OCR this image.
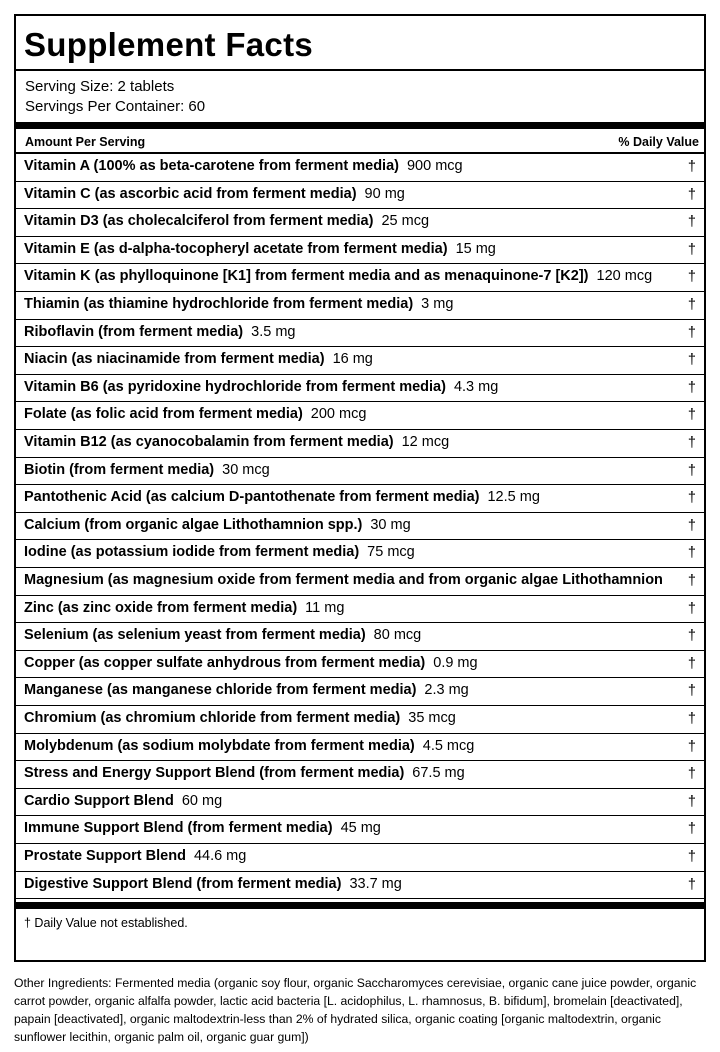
Supplement Facts
Serving Size: 2 tablets
Servings Per Container: 60
Amount Per Serving	% Daily Value
Vitamin A (100% as beta-carotene from ferment media) 900 mcg	†
Vitamin C (as ascorbic acid from ferment media) 90 mg	†
Vitamin D3 (as cholecalciferol from ferment media) 25 mcg	†
Vitamin E (as d-alpha-tocopheryl acetate from ferment media) 15 mg	†
Vitamin K (as phylloquinone [K1] from ferment media and as menaquinone-7 [K2]) 120 mcg †
Thiamin (as thiamine hydrochloride from ferment media) 3 mg	†
Riboflavin (from ferment media) 3.5 mg	†
Niacin (as niacinamide from ferment media) 16 mg	†
Vitamin B6 (as pyridoxine hydrochloride from ferment media) 4.3 mg	†
Folate (as folic acid from ferment media) 200 mcg	†
Vitamin B12 (as cyanocobalamin from ferment media) 12 mcg	†
Biotin (from ferment media) 30 mcg	†
Pantothenic Acid (as calcium D-pantothenate from ferment media) 12.5 mg	†
Calcium (from organic algae Lithothamnion spp.) 30 mg	†
Iodine (as potassium iodide from ferment media) 75 mcg	†
Magnesium (as magnesium oxide from ferment media and from organic algae Lithothamnion	†
Zinc (as zinc oxide from ferment media) 11 mg	†
Selenium (as selenium yeast from ferment media) 80 mcg	†
Copper (as copper sulfate anhydrous from ferment media) 0.9 mg	†
Manganese (as manganese chloride from ferment media) 2.3 mg	†
Chromium (as chromium chloride from ferment media) 35 mcg	†
Molybdenum (as sodium molybdate from ferment media) 4.5 mcg	†
Stress and Energy Support Blend (from ferment media) 67.5 mg	†
Cardio Support Blend 60 mg	†
Immune Support Blend (from ferment media) 45 mg	†
Prostate Support Blend 44.6 mg	†
Digestive Support Blend (from ferment media) 33.7 mg	†
† Daily Value not established.
Other Ingredients: Fermented media (organic soy flour, organic Saccharomyces cerevisiae, organic cane juice powder, organic carrot powder, organic alfalfa powder, lactic acid bacteria [L. acidophilus, L. rhamnosus, B. bifidum], bromelain [deactivated], papain [deactivated], organic maltodextrin-less than 2% of hydrated silica, organic coating [organic maltodextrin, organic sunflower lecithin, organic palm oil, organic guar gum])
